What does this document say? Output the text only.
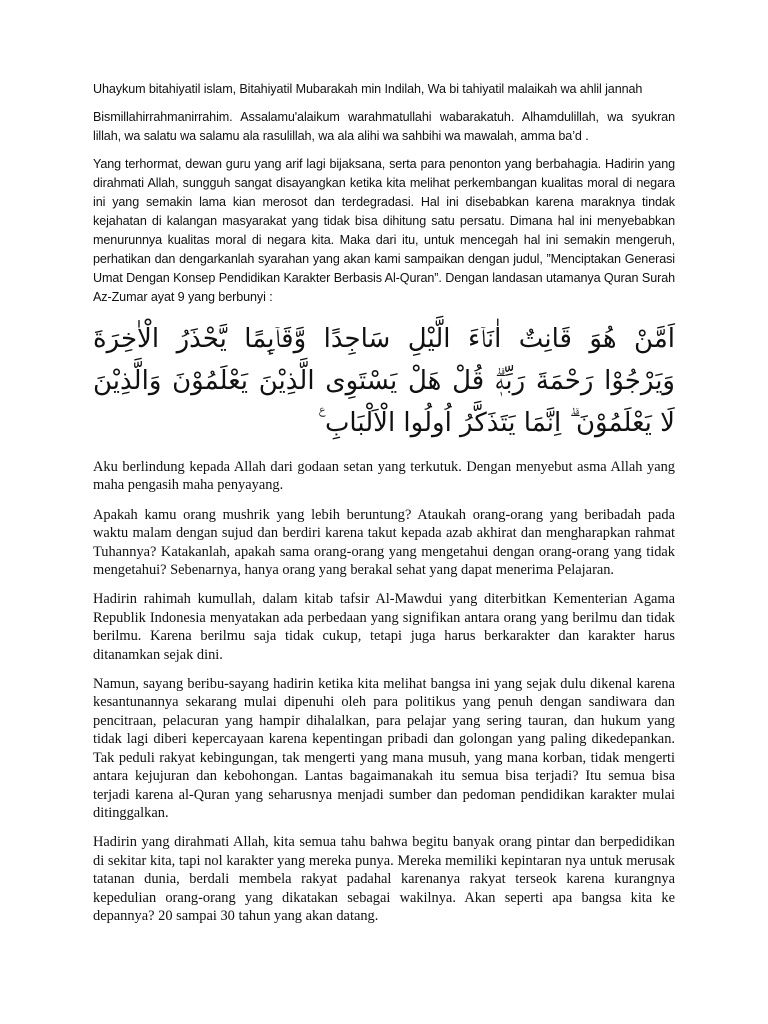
Uhaykum bitahiyatil islam, Bitahiyatil Mubarakah min Indilah, Wa bi tahiyatil malaikah wa ahlil jannah

Bismillahirrahmanirrahim. Assalamu'alaikum warahmatullahi wabarakatuh. Alhamdulillah, wa syukran lillah, wa salatu wa salamu ala rasulillah, wa ala alihi wa sahbihi wa mawalah, amma ba’d .

Yang terhormat, dewan guru yang arif lagi bijaksana, serta para penonton yang berbahagia. Hadirin yang dirahmati Allah, sungguh sangat disayangkan ketika kita melihat perkembangan kualitas moral di negara ini yang semakin lama kian merosot dan terdegradasi. Hal ini disebabkan karena maraknya tindak kejahatan di kalangan masyarakat yang tidak bisa dihitung satu persatu. Dimana hal ini menyebabkan menurunnya kualitas moral di negara kita. Maka dari itu, untuk mencegah hal ini semakin mengeruh, perhatikan dan dengarkanlah syarahan yang akan kami sampaikan dengan judul, ”Menciptakan Generasi Umat Dengan Konsep Pendidikan Karakter Berbasis Al-Quran”. Dengan landasan utamanya Quran Surah Az-Zumar ayat 9 yang berbunyi :

اَمَّنْ هُوَ قَانِتٌ اٰنَاۤءَ الَّيْلِ سَاجِدًا وَّقَاۤىِٕمًا يَّحْذَرُ الْاٰخِرَةَ وَيَرْجُوْا رَحْمَةَ رَبِّهٖۗ قُلْ هَلْ يَسْتَوِى الَّذِيْنَ يَعْلَمُوْنَ وَالَّذِيْنَ لَا يَعْلَمُوْنَ ۗ اِنَّمَا يَتَذَكَّرُ اُولُوا الْاَلْبَابِ ࣖ

Aku berlindung kepada Allah dari godaan setan yang terkutuk. Dengan menyebut asma Allah yang maha pengasih maha penyayang.

Apakah kamu orang mushrik yang lebih beruntung? Ataukah orang-orang yang beribadah pada waktu malam dengan sujud dan berdiri karena takut kepada azab akhirat dan mengharapkan rahmat Tuhannya? Katakanlah, apakah sama orang-orang yang mengetahui dengan orang-orang yang tidak mengetahui? Sebenarnya, hanya orang yang berakal sehat yang dapat menerima Pelajaran.

Hadirin rahimah kumullah, dalam kitab tafsir Al-Mawdui yang diterbitkan Kementerian Agama Republik Indonesia menyatakan ada perbedaan yang signifikan antara orang yang berilmu dan tidak berilmu. Karena berilmu saja tidak cukup, tetapi juga harus berkarakter dan karakter harus ditanamkan sejak dini.

Namun, sayang beribu-sayang hadirin ketika kita melihat bangsa ini yang sejak dulu dikenal karena kesantunannya sekarang mulai dipenuhi oleh para politikus yang penuh dengan sandiwara dan pencitraan, pelacuran yang hampir dihalalkan, para pelajar yang sering tauran, dan hukum yang tidak lagi diberi kepercayaan karena kepentingan pribadi dan golongan yang paling dikedepankan. Tak peduli rakyat kebingungan, tak mengerti yang mana musuh, yang mana korban, tidak mengerti antara kejujuran dan kebohongan. Lantas bagaimanakah itu semua bisa terjadi? Itu semua bisa terjadi karena al-Quran yang seharusnya menjadi sumber dan pedoman pendidikan karakter mulai ditinggalkan.

Hadirin yang dirahmati Allah, kita semua tahu bahwa begitu banyak orang pintar dan berpedidikan di sekitar kita, tapi nol karakter yang mereka punya. Mereka memiliki kepintaran nya untuk merusak tatanan dunia, berdali membela rakyat padahal karenanya rakyat terseok karena kurangnya kepedulian orang-orang yang dikatakan sebagai wakilnya. Akan seperti apa bangsa kita ke depannya? 20 sampai 30 tahun yang akan datang.
